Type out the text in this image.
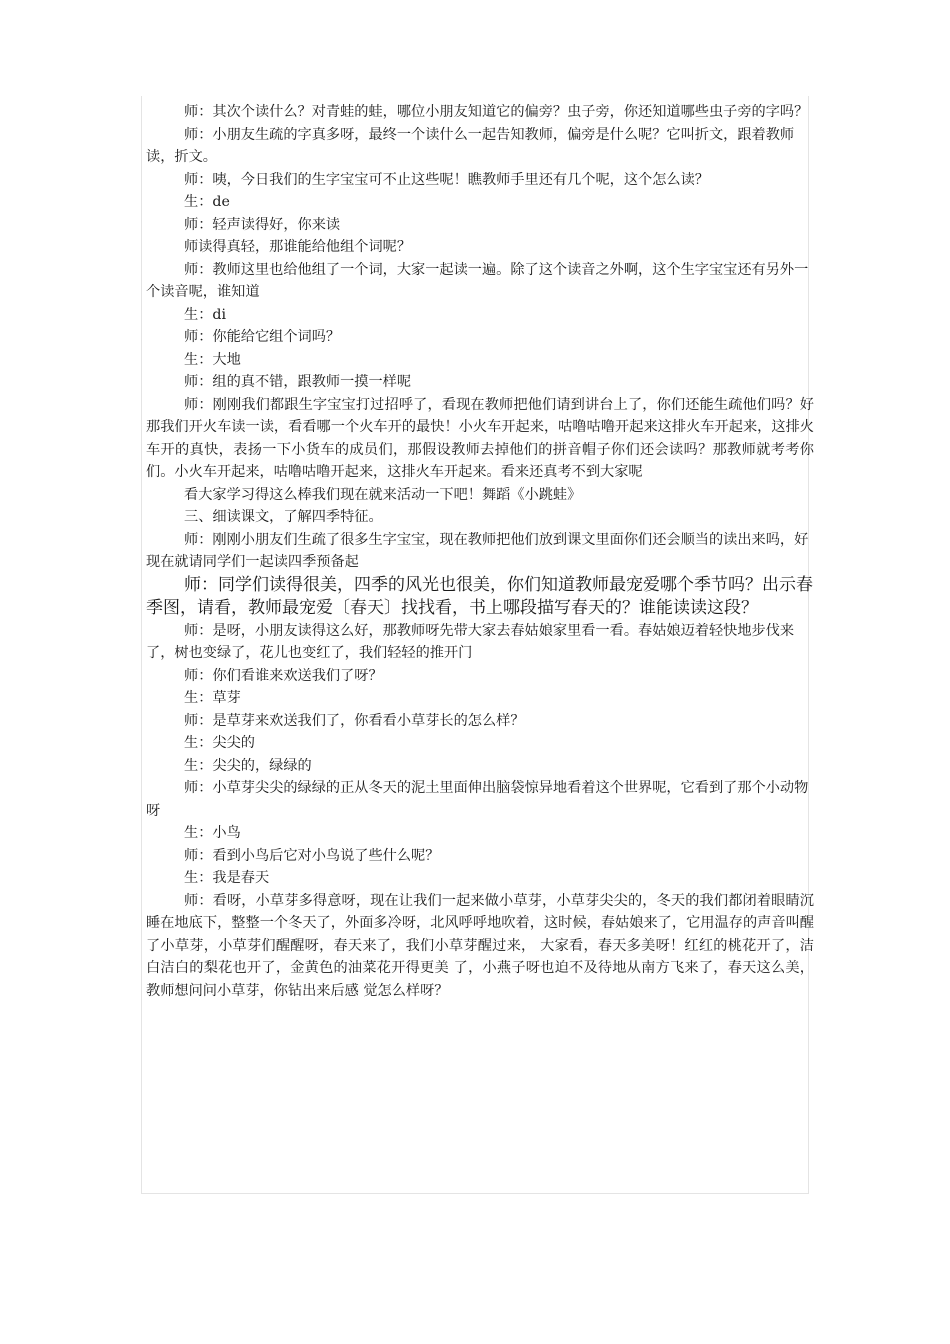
师：其次个读什么？对青蛙的蛙，哪位小朋友知道它的偏旁？虫子旁，你还知道哪些虫子旁的字吗？

师：小朋友生疏的字真多呀，最终一个读什么一起告知教师，偏旁是什么呢？它叫折文，跟着教师读，折文。

师：咦，今日我们的生字宝宝可不止这些呢！瞧教师手里还有几个呢，这个怎么读？

生：de

师：轻声读得好，你来读

师读得真轻，那谁能给他组个词呢？

师：教师这里也给他组了一个词，大家一起读一遍。除了这个读音之外啊，这个生字宝宝还有另外一个读音呢，谁知道

生：di

师：你能给它组个词吗？

生：大地

师：组的真不错，跟教师一摸一样呢

师：刚刚我们都跟生字宝宝打过招呼了，看现在教师把他们请到讲台上了，你们还能生疏他们吗？好那我们开火车读一读，看看哪一个火车开的最快！小火车开起来，咕噜咕噜开起来这排火车开起来，这排火车开的真快，表扬一下小货车的成员们，那假设教师去掉他们的拼音帽子你们还会读吗？那教师就考考你们。小火车开起来，咕噜咕噜开起来，这排火车开起来。看来还真考不到大家呢

看大家学习得这么棒我们现在就来活动一下吧！舞蹈《小跳蛙》

三、细读课文，了解四季特征。

师：刚刚小朋友们生疏了很多生字宝宝，现在教师把他们放到课文里面你们还会顺当的读出来吗，好现在就请同学们一起读四季预备起

师：同学们读得很美，四季的风光也很美，你们知道教师最宠爱哪个季节吗？出示春季图，请看，教师最宠爱〔春天〕找找看，书上哪段描写春天的？谁能读读这段？

师：是呀，小朋友读得这么好，那教师呀先带大家去春姑娘家里看一看。春姑娘迈着轻快地步伐来了，树也变绿了，花儿也变红了，我们轻轻的推开门

师：你们看谁来欢送我们了呀？

生：草芽

师：是草芽来欢送我们了，你看看小草芽长的怎么样？

生：尖尖的

生：尖尖的，绿绿的

师：小草芽尖尖的绿绿的正从冬天的泥土里面伸出脑袋惊异地看着这个世界呢，它看到了那个小动物呀

生：小鸟

师：看到小鸟后它对小鸟说了些什么呢？

生：我是春天

师：看呀，小草芽多得意呀，现在让我们一起来做小草芽，小草芽尖尖的，冬天的我们都闭着眼睛沉睡在地底下，整整一个冬天了，外面多冷呀，北风呼呼地吹着，这时候，春姑娘来了，它用温存的声音叫醒了小草芽，小草芽们醒醒呀，春天来了，我们小草芽醒过来， 大家看，春天多美呀！红红的桃花开了，洁白洁白的梨花也开了，金黄色的油菜花开得更美 了，小燕子呀也迫不及待地从南方飞来了，春天这么美，教师想问问小草芽，你钻出来后感 觉怎么样呀？
